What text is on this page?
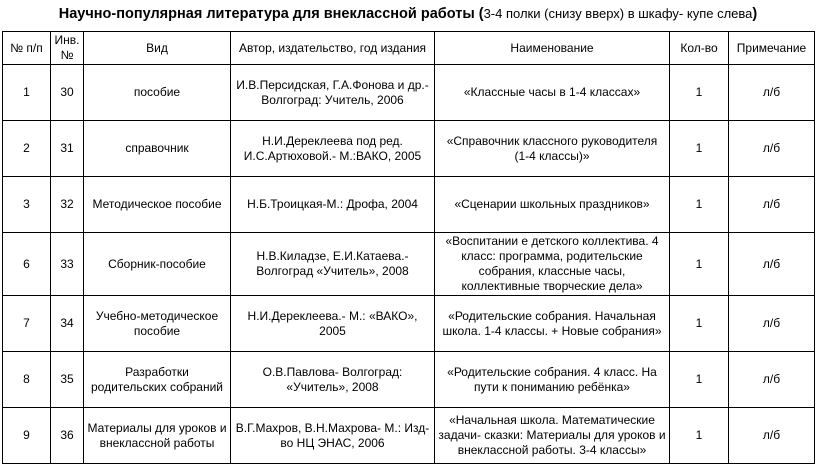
Научно-популярная литература для внеклассной работы (3-4 полки (снизу вверх) в шкафу- купе слева)
№ п/п	Инв. №	Вид	Автор, издательство, год издания	Наименование	Кол-во	Примечание
1	30	пособие	И.В.Персидская, Г.А.Фонова и др.-Волгоград: Учитель, 2006	«Классные часы в 1-4 классах»	1	л/б
2	31	справочник	Н.И.Дереклеева под ред. И.С.Артюховой.- М.:ВАКО, 2005	«Справочник классного руководителя (1-4 классы)»	1	л/б
3	32	Методическое пособие	Н.Б.Троицкая-М.: Дрофа, 2004	«Сценарии школьных праздников»	1	л/б
6	33	Сборник-пособие	Н.В.Киладзе, Е.И.Катаева.- Волгоград «Учитель», 2008	«Воспитании е детского коллектива. 4 класс: программа, родительские собрания, классные часы, коллективные творческие дела»	1	л/б
7	34	Учебно-методическое пособие	Н.И.Дереклеева.- М.: «ВАКО», 2005	«Родительские собрания. Начальная школа. 1-4 классы. + Новые собрания»	1	л/б
8	35	Разработки родительских собраний	О.В.Павлова- Волгоград: «Учитель», 2008	«Родительские собрания. 4 класс. На пути к пониманию ребёнка»	1	л/б
9	36	Материалы для уроков и внеклассной работы	В.Г.Махров, В.Н.Махрова- М.: Изд-во НЦ ЭНАС, 2006	«Начальная школа. Математические задачи- сказки: Материалы для уроков и внеклассной работы. 3-4 классы»	1	л/б
